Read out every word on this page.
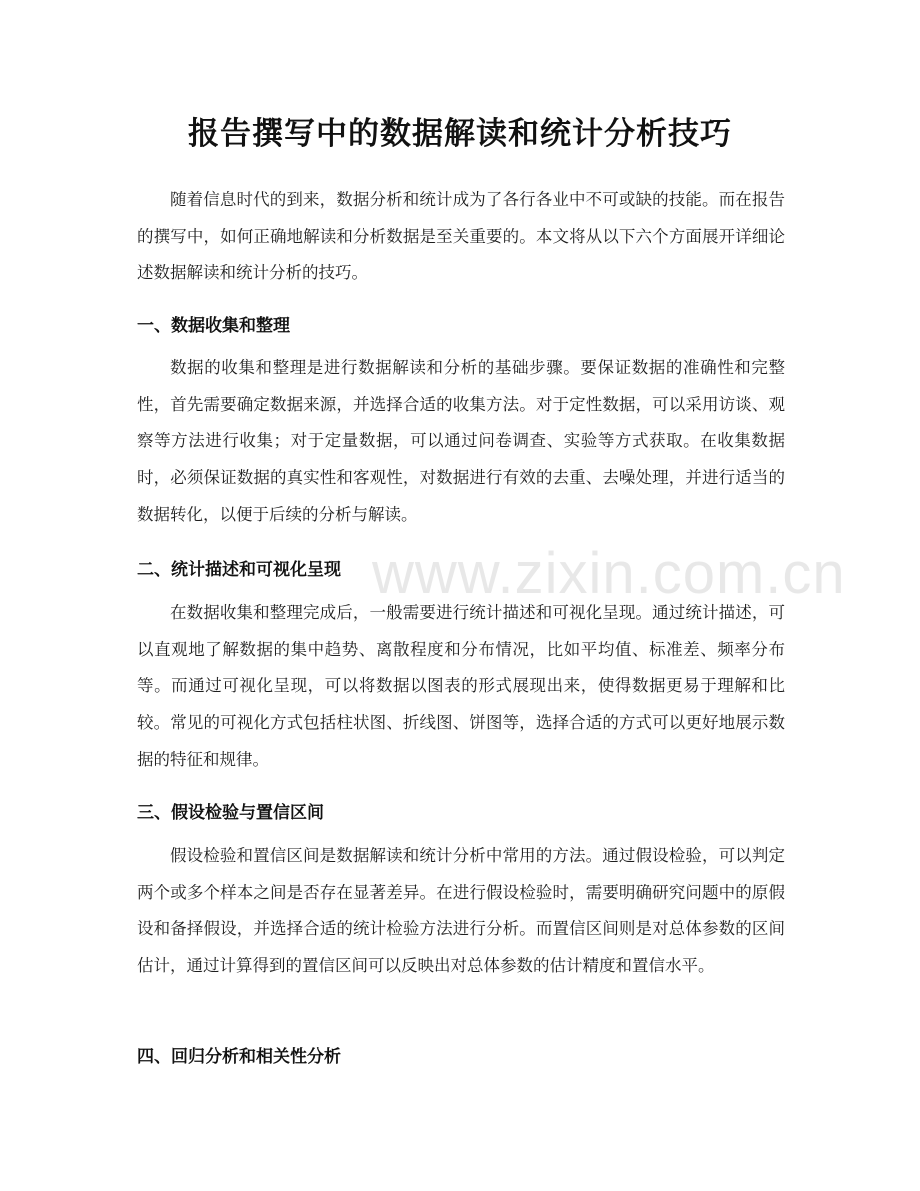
报告撰写中的数据解读和统计分析技巧

随着信息时代的到来，数据分析和统计成为了各行各业中不可或缺的技能。而在报告的撰写中，如何正确地解读和分析数据是至关重要的。本文将从以下六个方面展开详细论述数据解读和统计分析的技巧。

一、数据收集和整理

数据的收集和整理是进行数据解读和分析的基础步骤。要保证数据的准确性和完整性，首先需要确定数据来源，并选择合适的收集方法。对于定性数据，可以采用访谈、观察等方法进行收集；对于定量数据，可以通过问卷调查、实验等方式获取。在收集数据时，必须保证数据的真实性和客观性，对数据进行有效的去重、去噪处理，并进行适当的数据转化，以便于后续的分析与解读。

二、统计描述和可视化呈现

在数据收集和整理完成后，一般需要进行统计描述和可视化呈现。通过统计描述，可以直观地了解数据的集中趋势、离散程度和分布情况，比如平均值、标准差、频率分布等。而通过可视化呈现，可以将数据以图表的形式展现出来，使得数据更易于理解和比较。常见的可视化方式包括柱状图、折线图、饼图等，选择合适的方式可以更好地展示数据的特征和规律。

三、假设检验与置信区间

假设检验和置信区间是数据解读和统计分析中常用的方法。通过假设检验，可以判定两个或多个样本之间是否存在显著差异。在进行假设检验时，需要明确研究问题中的原假设和备择假设，并选择合适的统计检验方法进行分析。而置信区间则是对总体参数的区间估计，通过计算得到的置信区间可以反映出对总体参数的估计精度和置信水平。

四、回归分析和相关性分析
www.zixin.com.cn
